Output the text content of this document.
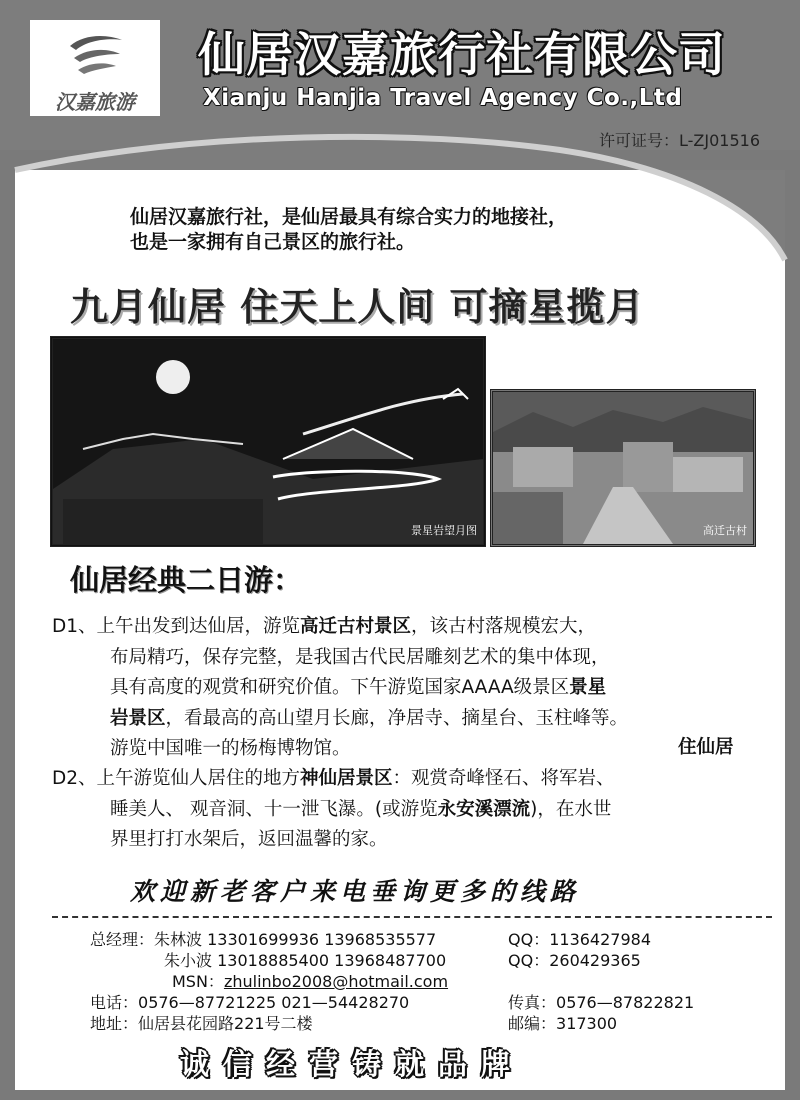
汉嘉旅游
仙居汉嘉旅行社有限公司
Xianju Hanjia Travel Agency Co.,Ltd
许可证号：L-ZJ01516
仙居汉嘉旅行社，是仙居最具有综合实力的地接社，
也是一家拥有自己景区的旅行社。
九月仙居 住天上人间 可摘星揽月
景星岩望月图	高迁古村
仙居经典二日游：
D1、上午出发到达仙居，游览高迁古村景区，该古村落规模宏大，
布局精巧，保存完整，是我国古代民居雕刻艺术的集中体现，
具有高度的观赏和研究价值。下午游览国家AAAA级景区景星
岩景区，看最高的高山望月长廊，净居寺、摘星台、玉柱峰等。
游览中国唯一的杨梅博物馆。	住仙居
D2、上午游览仙人居住的地方神仙居景区：观赏奇峰怪石、将军岩、
睡美人、 观音洞、十一泄飞瀑。(或游览永安溪漂流)，在水世
界里打打水架后，返回温馨的家。
欢迎新老客户来电垂询更多的线路
总经理：朱林波 13301699936 13968535577	QQ：1136427984
朱小波 13018885400 13968487700	QQ：260429365
MSN：zhulinbo2008@hotmail.com
电话：0576—87721225 021—54428270	传真：0576—87822821
地址：仙居县花园路221号二楼	邮编：317300
诚信经营铸就品牌
